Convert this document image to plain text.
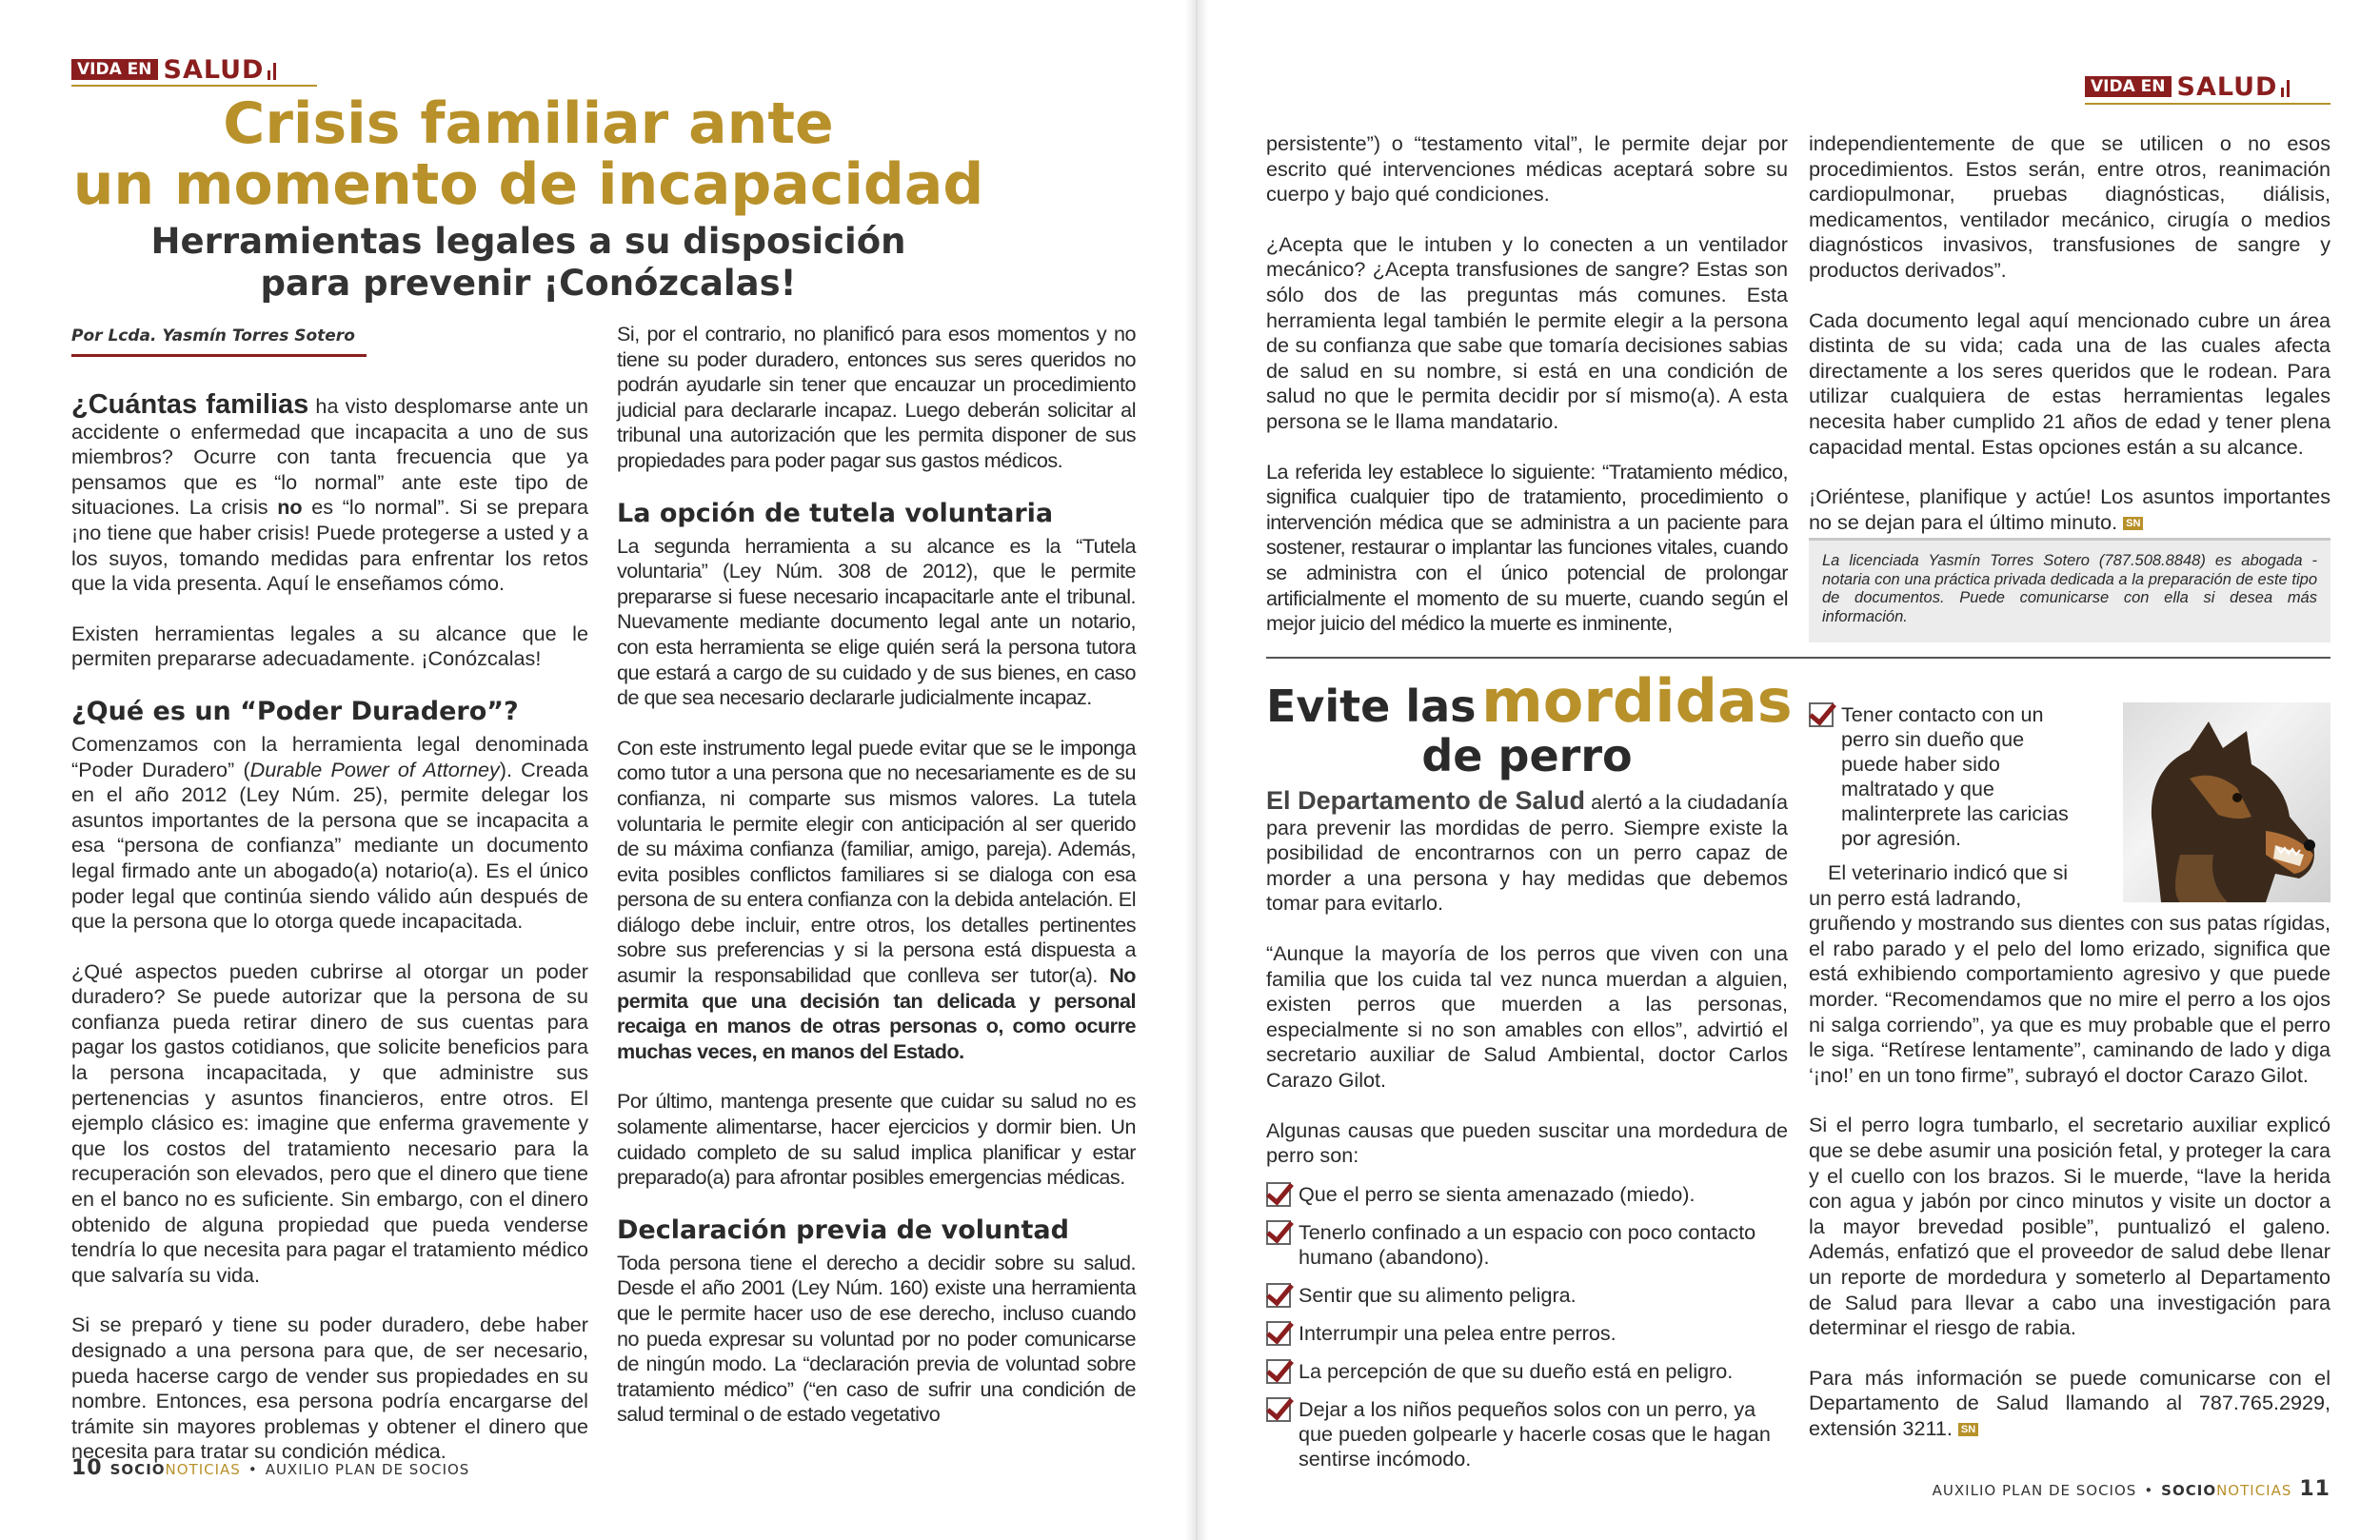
VIDA EN SALUD
Crisis familiar ante
un momento de incapacidad
Herramientas legales a su disposición
para prevenir ¡Conózcalas!
Por Lcda. Yasmín Torres Sotero

¿Cuántas familias ha visto desplomarse ante un accidente o enfermedad que incapacita a uno de sus miembros? Ocurre con tanta frecuencia que ya pensamos que es “lo normal” ante este tipo de situaciones. La crisis no es “lo normal”. Si se prepara ¡no tiene que haber crisis! Puede protegerse a usted y a los suyos, tomando medidas para enfrentar los retos que la vida presenta. Aquí le enseñamos cómo.

Existen herramientas legales a su alcance que le permiten prepararse adecuadamente. ¡Conózcalas!

¿Qué es un “Poder Duradero”?

Comenzamos con la herramienta legal denominada “Poder Duradero” (Durable Power of Attorney). Creada en el año 2012 (Ley Núm. 25), permite delegar los asuntos importantes de la persona que se incapacita a esa “persona de confianza” mediante un documento legal firmado ante un abogado(a) notario(a). Es el único poder legal que continúa siendo válido aún después de que la persona que lo otorga quede incapacitada.

¿Qué aspectos pueden cubrirse al otorgar un poder duradero? Se puede autorizar que la persona de su confianza pueda retirar dinero de sus cuentas para pagar los gastos cotidianos, que solicite beneficios para la persona incapacitada, y que administre sus pertenencias y asuntos financieros, entre otros. El ejemplo clásico es: imagine que enferma gravemente y que los costos del tratamiento necesario para la recuperación son elevados, pero que el dinero que tiene en el banco no es suficiente. Sin embargo, con el dinero obtenido de alguna propiedad que pueda venderse tendría lo que necesita para pagar el tratamiento médico que salvaría su vida.

Si se preparó y tiene su poder duradero, debe haber designado a una persona para que, de ser necesario, pueda hacerse cargo de vender sus propiedades en su nombre. Entonces, esa persona podría encargarse del trámite sin mayores problemas y obtener el dinero que necesita para tratar su condición médica.

Si, por el contrario, no planificó para esos momentos y no tiene su poder duradero, entonces sus seres queridos no podrán ayudarle sin tener que encauzar un procedimiento judicial para declararle incapaz. Luego deberán solicitar al tribunal una autorización que les permita disponer de sus propiedades para poder pagar sus gastos médicos.

La opción de tutela voluntaria

La segunda herramienta a su alcance es la “Tutela voluntaria” (Ley Núm. 308 de 2012), que le permite prepararse si fuese necesario incapacitarle ante el tribunal. Nuevamente mediante documento legal ante un notario, con esta herramienta se elige quién será la persona tutora que estará a cargo de su cuidado y de sus bienes, en caso de que sea necesario declararle judicialmente incapaz.

Con este instrumento legal puede evitar que se le imponga como tutor a una persona que no necesariamente es de su confianza, ni comparte sus mismos valores. La tutela voluntaria le permite elegir con anticipación al ser querido de su máxima confianza (familiar, amigo, pareja). Además, evita posibles conflictos familiares si se dialoga con esa persona de su entera confianza con la debida antelación. El diálogo debe incluir, entre otros, los detalles pertinentes sobre sus preferencias y si la persona está dispuesta a asumir la responsabilidad que conlleva ser tutor(a). No permita que una decisión tan delicada y personal recaiga en manos de otras personas o, como ocurre muchas veces, en manos del Estado.

Por último, mantenga presente que cuidar su salud no es solamente alimentarse, hacer ejercicios y dormir bien. Un cuidado completo de su salud implica planificar y estar preparado(a) para afrontar posibles emergencias médicas.

Declaración previa de voluntad

Toda persona tiene el derecho a decidir sobre su salud. Desde el año 2001 (Ley Núm. 160) existe una herramienta que le permite hacer uso de ese derecho, incluso cuando no pueda expresar su voluntad por no poder comunicarse de ningún modo. La “declaración previa de voluntad sobre tratamiento médico” (“en caso de sufrir una condición de salud terminal o de estado vegetativo

10 SOCIONOTICIAS • AUXILIO PLAN DE SOCIOS
VIDA EN SALUD

persistente”) o “testamento vital”, le permite dejar por escrito qué intervenciones médicas aceptará sobre su cuerpo y bajo qué condiciones.

¿Acepta que le intuben y lo conecten a un ventilador mecánico? ¿Acepta transfusiones de sangre? Estas son sólo dos de las preguntas más comunes. Esta herramienta legal también le permite elegir a la persona de su confianza que sabe que tomaría decisiones sabias de salud en su nombre, si está en una condición de salud no que le permita decidir por sí mismo(a). A esta persona se le llama mandatario.

La referida ley establece lo siguiente: “Tratamiento médico, significa cualquier tipo de tratamiento, procedimiento o intervención médica que se administra a un paciente para sostener, restaurar o implantar las funciones vitales, cuando se administra con el único potencial de prolongar artificialmente el momento de su muerte, cuando según el mejor juicio del médico la muerte es inminente,

independientemente de que se utilicen o no esos procedimientos. Estos serán, entre otros, reanimación cardiopulmonar, pruebas diagnósticas, diálisis, medicamentos, ventilador mecánico, cirugía o medios diagnósticos invasivos, transfusiones de sangre y productos derivados”.

Cada documento legal aquí mencionado cubre un área distinta de su vida; cada una de las cuales afecta directamente a los seres queridos que le rodean. Para utilizar cualquiera de estas herramientas legales necesita haber cumplido 21 años de edad y tener plena capacidad mental. Estas opciones están a su alcance.

¡Oriéntese, planifique y actúe! Los asuntos importantes no se dejan para el último minuto. SN

La licenciada Yasmín Torres Sotero (787.508.8848) es abogada - notaria con una práctica privada dedicada a la preparación de este tipo de documentos. Puede comunicarse con ella si desea más información.

Evite las mordidas
de perro

El Departamento de Salud alertó a la ciudadanía para prevenir las mordidas de perro. Siempre existe la posibilidad de encontrarnos con un perro capaz de morder a una persona y hay medidas que debemos tomar para evitarlo.

“Aunque la mayoría de los perros que viven con una familia que los cuida tal vez nunca muerdan a alguien, existen perros que muerden a las personas, especialmente si no son amables con ellos”, advirtió el secretario auxiliar de Salud Ambiental, doctor Carlos Carazo Gilot.

Algunas causas que pueden suscitar una mordedura de perro son:

Que el perro se sienta amenazado (miedo).
Tenerlo confinado a un espacio con poco contacto humano (abandono).
Sentir que su alimento peligra.
Interrumpir una pelea entre perros.
La percepción de que su dueño está en peligro.
Dejar a los niños pequeños solos con un perro, ya que pueden golpearle y hacerle cosas que le hagan sentirse incómodo.
Tener contacto con un perro sin dueño que puede haber sido maltratado y que malinterprete las caricias por agresión.

El veterinario indicó que si un perro está ladrando,

gruñendo y mostrando sus dientes con sus patas rígidas, el rabo parado y el pelo del lomo erizado, significa que está exhibiendo comportamiento agresivo y que puede morder. “Recomendamos que no mire el perro a los ojos ni salga corriendo”, ya que es muy probable que el perro le siga. “Retírese lentamente”, caminando de lado y diga ‘¡no!’ en un tono firme”, subrayó el doctor Carazo Gilot.

Si el perro logra tumbarlo, el secretario auxiliar explicó que se debe asumir una posición fetal, y proteger la cara y el cuello con los brazos. Si le muerde, “lave la herida con agua y jabón por cinco minutos y visite un doctor a la mayor brevedad posible”, puntualizó el galeno. Además, enfatizó que el proveedor de salud debe llenar un reporte de mordedura y someterlo al Departamento de Salud para llevar a cabo una investigación para determinar el riesgo de rabia.

Para más información se puede comunicarse con el Departamento de Salud llamando al 787.765.2929, extensión 3211. SN

AUXILIO PLAN DE SOCIOS • SOCIONOTICIAS 11
